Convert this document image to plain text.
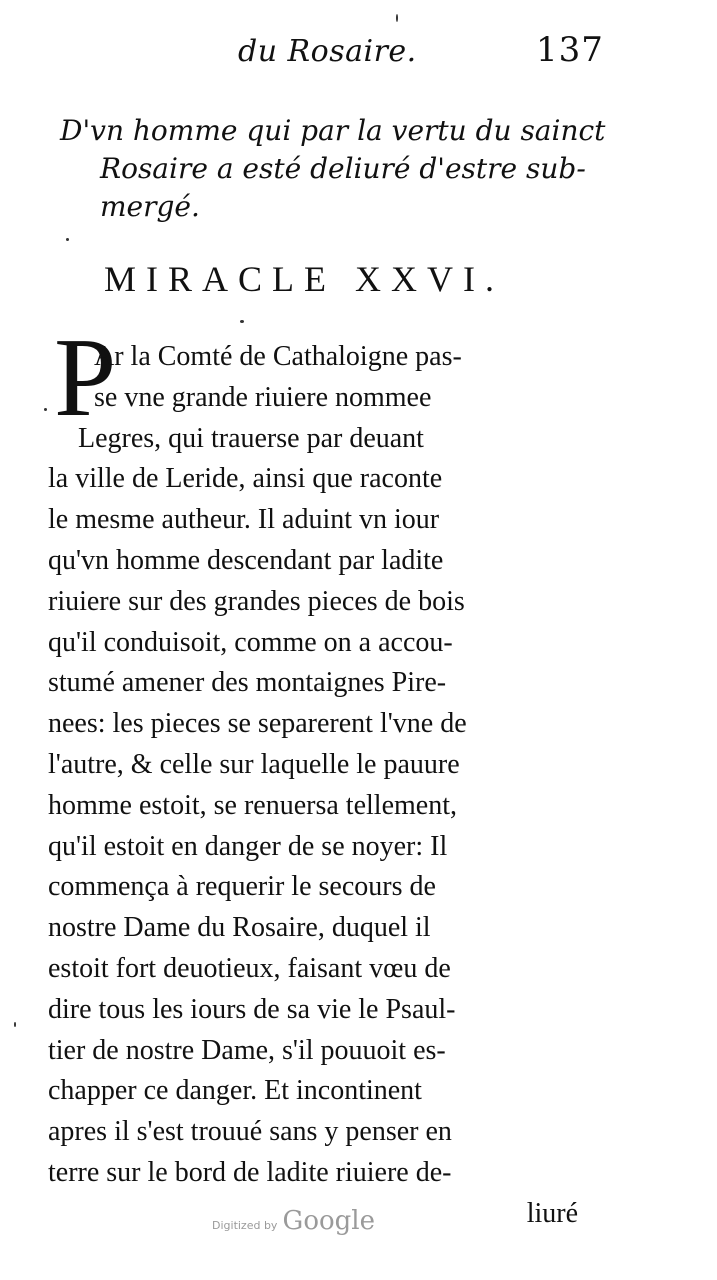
du Rosaire.	137
D'vn homme qui par la vertu du sainct
Rosaire a esté deliuré d'estre sub-
mergé.
MIRACLE XXVI.
P
Ar la Comté de Cathaloigne pas-
se vne grande riuiere nommee
Legres, qui trauerse par deuant
la ville de Leride, ainsi que raconte
le mesme autheur. Il aduint vn iour
qu'vn homme descendant par ladite
riuiere sur des grandes pieces de bois
qu'il conduisoit, comme on a accou-
stumé amener des montaignes Pire-
nees: les pieces se separerent l'vne de
l'autre, & celle sur laquelle le pauure
homme estoit, se renuersa tellement,
qu'il estoit en danger de se noyer: Il
commença à requerir le secours de
nostre Dame du Rosaire, duquel il
estoit fort deuotieux, faisant vœu de
dire tous les iours de sa vie le Psaul-
tier de nostre Dame, s'il pouuoit es-
chapper ce danger. Et incontinent
apres il s'est trouué sans y penser en
terre sur le bord de ladite riuiere de-
liuré
Digitized by Google
